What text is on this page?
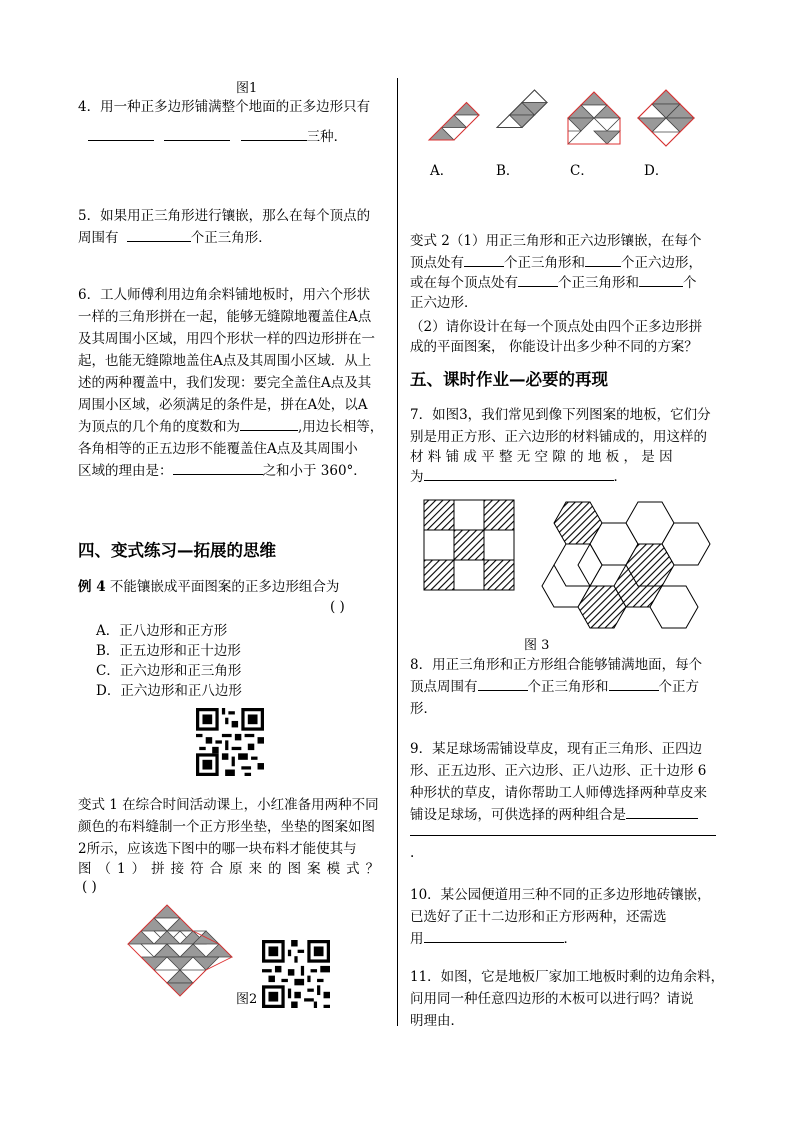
图1
4．用一种正多边形铺满整个地面的正多边形只有
三种．
5．如果用正三角形进行镶嵌，那么在每个顶点的
周围有	个正三角形．
6．工人师傅利用边角余料铺地板时，用六个形状
一样的三角形拼在一起，能够无缝隙地覆盖住A点
及其周围小区域，用四个形状一样的四边形拼在一
起，也能无缝隙地盖住A点及其周围小区域．从上
述的两种覆盖中，我们发现：要完全盖住A点及其
周围小区域，必须满足的条件是，拼在A处，以A
为顶点的几个角的度数和为	,用边长相等，
各角相等的正五边形不能覆盖住A点及其周围小
区域的理由是：	之和小于 360°．
四、变式练习—拓展的思维
例 4 不能镶嵌成平面图案的正多边形组合为
( )
A．正八边形和正方形
B．正五边形和正十边形
C．正六边形和正三角形
D．正六边形和正八边形
变式 1 在综合时间活动课上，小红准备用两种不同
颜色的布料缝制一个正方形坐垫，坐垫的图案如图
2所示，应该选下图中的哪一块布料才能使其与
图（1）拼接符合原来的图案模式？
( )
图2
A．	B．	C．	D．
变式 2（1）用正三角形和正六边形镶嵌，在每个
顶点处有	个正三角形和	个正六边形，
或在每个顶点处有	个正三角形和	个
正六边形．
（2）请你设计在每一个顶点处由四个正多边形拼
成的平面图案， 你能设计出多少种不同的方案？
五、课时作业—必要的再现
7．如图3，我们常见到像下列图案的地板，它们分
别是用正方形、正六边形的材料铺成的，用这样的
材 料 铺 成 平 整 无 空 隙 的 地 板 ， 是 因
为	．
图 3
8．用正三角形和正方形组合能够铺满地面，每个
顶点周围有	个正三角形和	个正方
形．
9．某足球场需铺设草皮，现有正三角形、正四边
形、正五边形、正六边形、正八边形、正十边形 6
种形状的草皮，请你帮助工人师傅选择两种草皮来
铺设足球场，可供选择的两种组合是
.
10．某公园便道用三种不同的正多边形地砖镶嵌，
已选好了正十二边形和正方形两种，还需选
用	．
11．如图，它是地板厂家加工地板时剩的边角余料，
问用同一种任意四边形的木板可以进行吗？请说
明理由．
